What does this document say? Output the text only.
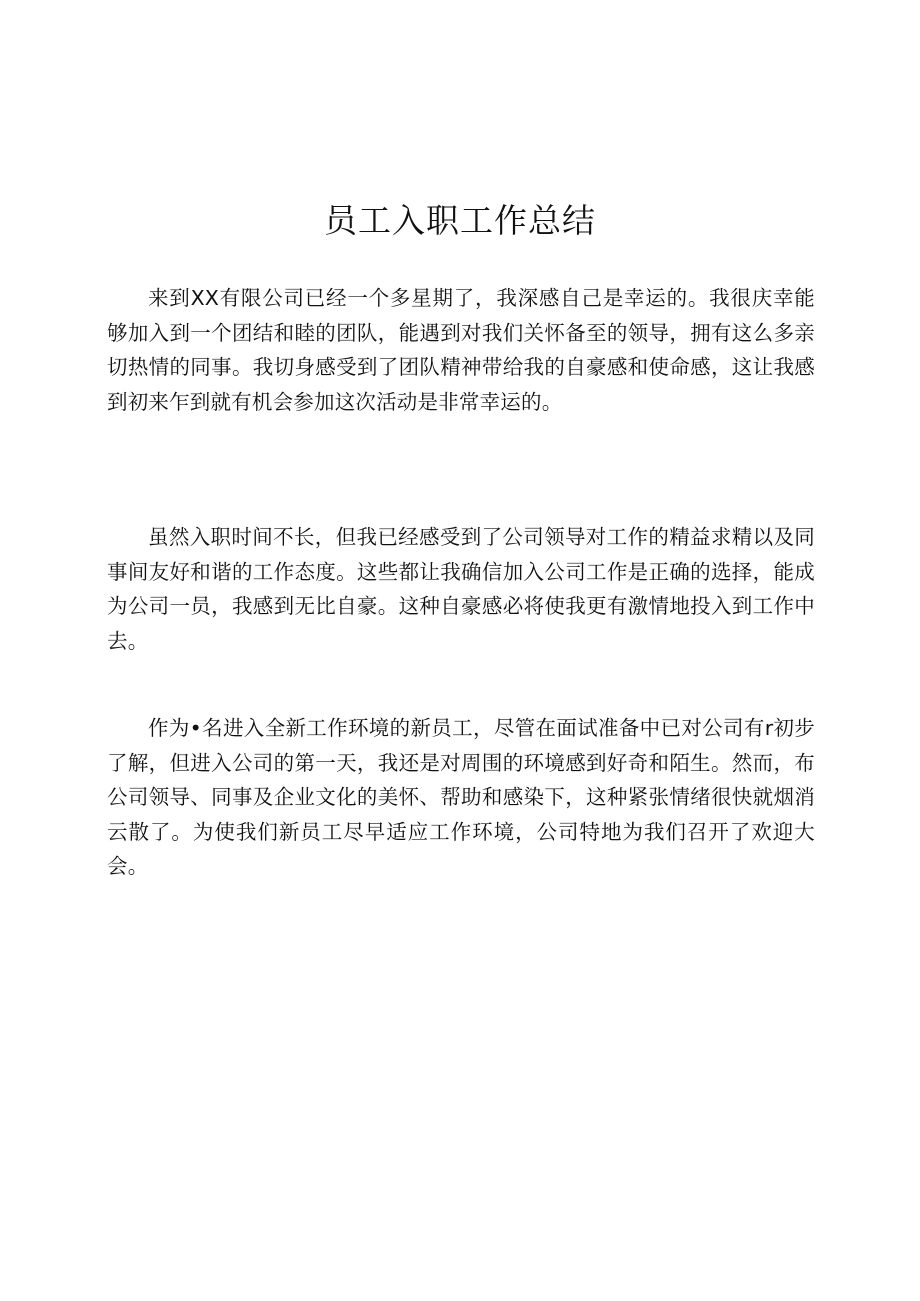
员工入职工作总结

来到XX有限公司已经一个多星期了，我深感自己是幸运的。我很庆幸能够加入到一个团结和睦的团队，能遇到对我们关怀备至的领导，拥有这么多亲切热情的同事。我切身感受到了团队精神带给我的自豪感和使命感，这让我感到初来乍到就有机会参加这次活动是非常幸运的。

虽然入职时间不长，但我已经感受到了公司领导对工作的精益求精以及同事间友好和谐的工作态度。这些都让我确信加入公司工作是正确的选择，能成为公司一员，我感到无比自豪。这种自豪感必将使我更有激情地投入到工作中去。

作为•名进入全新工作环境的新员工，尽管在面试准备中已对公司有r初步了解，但进入公司的第一天，我还是对周围的环境感到好奇和陌生。然而，布公司领导、同事及企业文化的美怀、帮助和感染下，这种紧张情绪很快就烟消云散了。为使我们新员工尽早适应工作环境，公司特地为我们召开了欢迎大会。
